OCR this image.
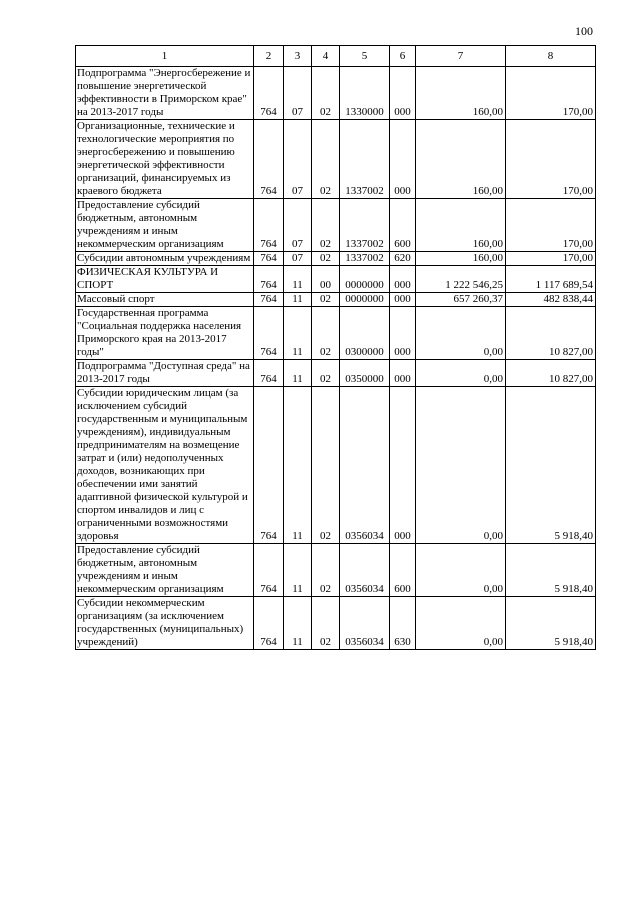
100
1	2	3	4	5	6	7	8
Подпрограмма "Энергосбережение и повышение энергетической эффективности в Приморском крае" на 2013-2017 годы	764	07	02	1330000	000	160,00	170,00
Организационные, технические и технологические мероприятия по энергосбережению и повышению энергетической эффективности организаций, финансируемых из краевого бюджета	764	07	02	1337002	000	160,00	170,00
Предоставление субсидий бюджетным, автономным учреждениям и иным некоммерческим организациям	764	07	02	1337002	600	160,00	170,00
Субсидии автономным учреждениям	764	07	02	1337002	620	160,00	170,00
ФИЗИЧЕСКАЯ КУЛЬТУРА И СПОРТ	764	11	00	0000000	000	1 222 546,25	1 117 689,54
Массовый спорт	764	11	02	0000000	000	657 260,37	482 838,44
Государственная программа "Социальная поддержка населения Приморского края на 2013-2017 годы"	764	11	02	0300000	000	0,00	10 827,00
Подпрограмма "Доступная среда" на 2013-2017 годы	764	11	02	0350000	000	0,00	10 827,00
Субсидии юридическим лицам (за исключением субсидий государственным и муниципальным учреждениям), индивидуальным предпринимателям на возмещение затрат и (или) недополученных доходов, возникающих при обеспечении ими занятий адаптивной физической культурой и спортом инвалидов и лиц с ограниченными возможностями здоровья	764	11	02	0356034	000	0,00	5 918,40
Предоставление субсидий бюджетным, автономным учреждениям и иным некоммерческим организациям	764	11	02	0356034	600	0,00	5 918,40
Субсидии некоммерческим организациям (за исключением государственных (муниципальных) учреждений)	764	11	02	0356034	630	0,00	5 918,40
